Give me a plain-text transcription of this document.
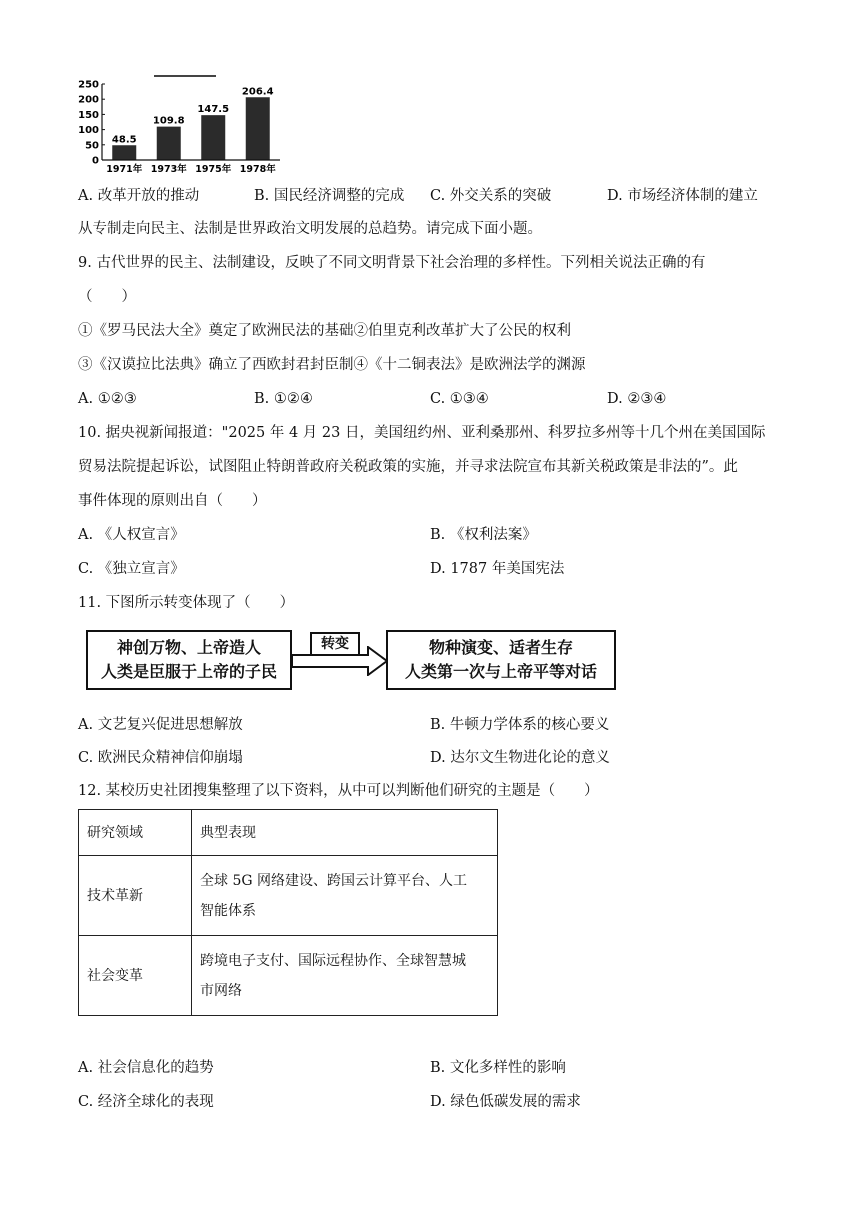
250
200
150
100
50
0
48.5
1971年
109.8
1973年
147.5
1975年
206.4
1978年
A. 改革开放的推动	B. 国民经济调整的完成 C. 外交关系的突破	D. 市场经济体制的建立
从专制走向民主、法制是世界政治文明发展的总趋势。请完成下面小题。
9. 古代世界的民主、法制建设，反映了不同文明背景下社会治理的多样性。下列相关说法正确的有
（　　）
①《罗马民法大全》奠定了欧洲民法的基础②伯里克利改革扩大了公民的权利
③《汉谟拉比法典》确立了西欧封君封臣制④《十二铜表法》是欧洲法学的渊源
A. ①②③	B. ①②④	C. ①③④	D. ②③④
10. 据央视新闻报道："2025 年 4 月 23 日，美国纽约州、亚利桑那州、科罗拉多州等十几个州在美国国际
贸易法院提起诉讼，试图阻止特朗普政府关税政策的实施，并寻求法院宣布其新关税政策是非法的”。此
事件体现的原则出自（　　）
A. 《人权宣言》	B. 《权利法案》
C. 《独立宣言》	D. 1787 年美国宪法
11. 下图所示转变体现了（　　）
神创万物、上帝造人
人类是臣服于上帝的子民
转变	物种演变、适者生存
人类第一次与上帝平等对话
A. 文艺复兴促进思想解放	B. 牛顿力学体系的核心要义
C. 欧洲民众精神信仰崩塌	D. 达尔文生物进化论的意义
12. 某校历史社团搜集整理了以下资料，从中可以判断他们研究的主题是（　　）
研究领域	典型表现
技术革新	全球 5G 网络建设、跨国云计算平台、人工
智能体系

社会变革	跨境电子支付、国际远程协作、全球智慧城
市网络
A. 社会信息化的趋势	B. 文化多样性的影响
C. 经济全球化的表现	D. 绿色低碳发展的需求
